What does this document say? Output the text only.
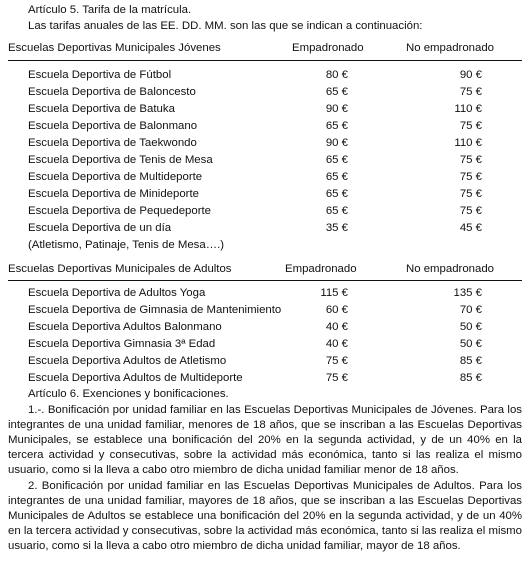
Artículo 5. Tarifa de la matrícula.
Las tarifas anuales de las EE. DD. MM. son las que se indican a continuación:
Escuelas Deportivas Municipales Jóvenes	Empadronado	No empadronado
Escuela Deportiva de Fútbol	80 €	90 €
Escuela Deportiva de Baloncesto	65 €	75 €
Escuela Deportiva de Batuka	90 €	110 €
Escuela Deportiva de Balonmano	65 €	75 €
Escuela Deportiva de Taekwondo	90 €	110 €
Escuela Deportiva de Tenis de Mesa	65 €	75 €
Escuela Deportiva de Multideporte	65 €	75 €
Escuela Deportiva de Minideporte	65 €	75 €
Escuela Deportiva de Pequedeporte	65 €	75 €
Escuela Deportiva de un día	35 €	45 €
(Atletismo, Patinaje, Tenis de Mesa….)
Escuelas Deportivas Municipales de Adultos	Empadronado	No empadronado
Escuela Deportiva de Adultos Yoga	115 €	135 €
Escuela Deportiva de Gimnasia de Mantenimiento	60 €	70 €
Escuela Deportiva Adultos Balonmano	40 €	50 €
Escuela Deportiva Gimnasia 3ª Edad	40 €	50 €
Escuela Deportiva Adultos de Atletismo	75 €	85 €
Escuela Deportiva Adultos de Multideporte	75 €	85 €
Artículo 6. Exenciones y bonificaciones.

1.-. Bonificación por unidad familiar en las Escuelas Deportivas Municipales de Jóvenes. Para los integrantes de una unidad familiar, menores de 18 años, que se inscriban a las Escuelas Deportivas Municipales, se establece una bonificación del 20% en la segunda actividad, y de un 40% en la tercera actividad y consecutivas, sobre la actividad más económica, tanto si las realiza el mismo usuario, como si la lleva a cabo otro miembro de dicha unidad familiar menor de 18 años.

2. Bonificación por unidad familiar en las Escuelas Deportivas Municipales de Adultos. Para los integrantes de una unidad familiar, mayores de 18 años, que se inscriban a las Escuelas Deportivas Municipales de Adultos se establece una bonificación del 20% en la segunda actividad, y de un 40% en la tercera actividad y consecutivas, sobre la actividad más económica, tanto si las realiza el mismo usuario, como si la lleva a cabo otro miembro de dicha unidad familiar, mayor de 18 años.
